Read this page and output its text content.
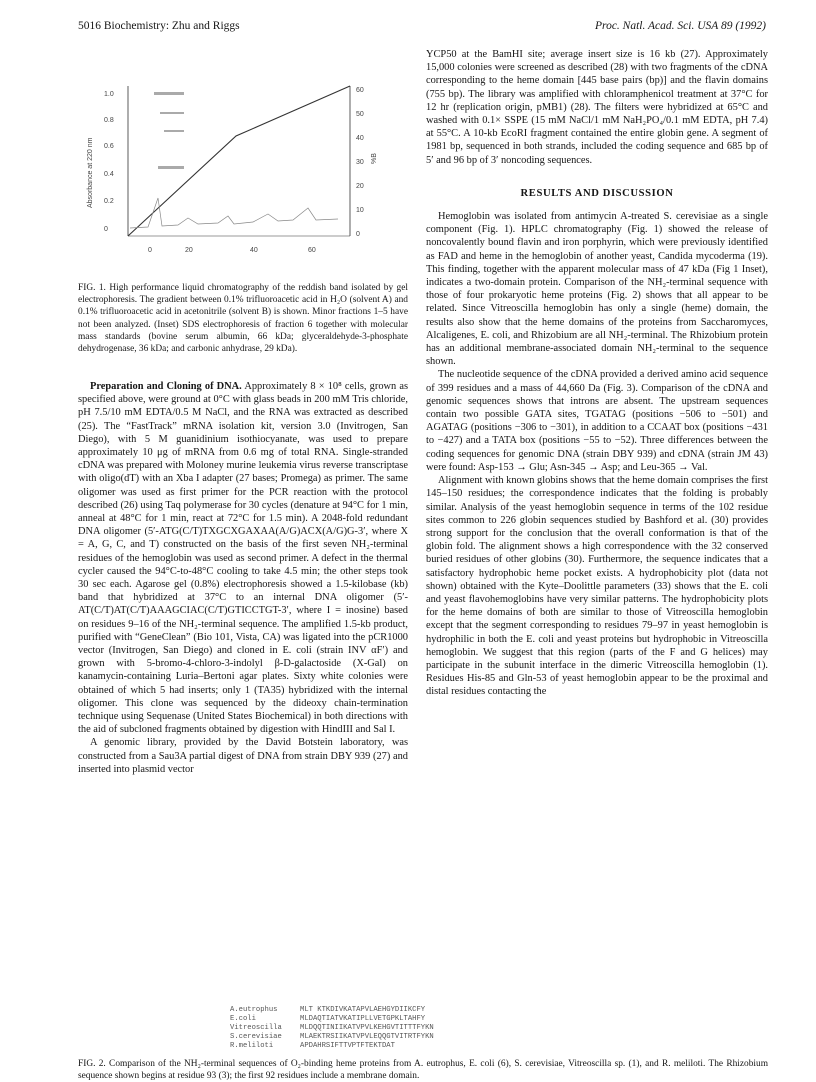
5016 Biochemistry: Zhu and Riggs	Proc. Natl. Acad. Sci. USA 89 (1992)
1.0
0.8
0.6
0.4
0.2
0
60
50
40
30
20
10
0
0	20	40	60
Absorbance at 220 nm	%B

FIG. 1. High performance liquid chromatography of the reddish band isolated by gel electrophoresis. The gradient between 0.1% trifluoroacetic acid in H₂O (solvent A) and 0.1% trifluoroacetic acid in acetonitrile (solvent B) is shown. Minor fractions 1–5 have not been analyzed. (Inset) SDS electrophoresis of fraction 6 together with molecular mass standards (bovine serum albumin, 66 kDa; glyceraldehyde-3-phosphate dehydrogenase, 36 kDa; and carbonic anhydrase, 29 kDa).

Preparation and Cloning of DNA. Approximately 8 × 10⁸ cells, grown as specified above, were ground at 0°C with glass beads in 200 mM Tris chloride, pH 7.5/10 mM EDTA/0.5 M NaCl, and the RNA was extracted as described (25). The “FastTrack” mRNA isolation kit, version 3.0 (Invitrogen, San Diego), with 5 M guanidinium isothiocyanate, was used to prepare approximately 10 μg of mRNA from 0.6 mg of total RNA. Single-stranded cDNA was prepared with Moloney murine leukemia virus reverse transcriptase with oligo(dT) with an Xba I adapter (27 bases; Promega) as primer. The same oligomer was used as first primer for the PCR reaction with the protocol described (26) using Taq polymerase for 30 cycles (denature at 94°C for 1 min, anneal at 48°C for 1 min, react at 72°C for 1.5 min). A 2048-fold redundant DNA oligomer (5′-ATG(C/T)TXGCXGAXAA(A/G)ACX(A/G)G-3′, where X = A, G, C, and T) constructed on the basis of the first seven NH₂-terminal residues of the hemoglobin was used as second primer. A defect in the thermal cycler caused the 94°C-to-48°C cooling to take 4.5 min; the other steps took 30 sec each. Agarose gel (0.8%) electrophoresis showed a 1.5-kilobase (kb) band that hybridized at 37°C to an internal DNA oligomer (5′-AT(C/T)AT(C/T)AAAGCIAC(C/T)GTICCTGT-3′, where I = inosine) based on residues 9–16 of the NH₂-terminal sequence. The amplified 1.5-kb product, purified with “GeneClean” (Bio 101, Vista, CA) was ligated into the pCR1000 vector (Invitrogen, San Diego) and cloned in E. coli (strain INV αF′) and grown with 5-bromo-4-chloro-3-indolyl β-D-galactoside (X-Gal) on kanamycin-containing Luria–Bertoni agar plates. Sixty white colonies were obtained of which 5 had inserts; only 1 (TA35) hybridized with the internal oligomer. This clone was sequenced by the dideoxy chain-termination technique using Sequenase (United States Biochemical) in both directions with the aid of subcloned fragments obtained by digestion with HindIII and Sal I.

A genomic library, provided by the David Botstein laboratory, was constructed from a Sau3A partial digest of DNA from strain DBY 939 (27) and inserted into plasmid vector

YCP50 at the BamHI site; average insert size is 16 kb (27). Approximately 15,000 colonies were screened as described (28) with two fragments of the cDNA corresponding to the heme domain [445 base pairs (bp)] and the flavin domains (755 bp). The library was amplified with chloramphenicol treatment at 37°C for 12 hr (replication origin, pMB1) (28). The filters were hybridized at 65°C and washed with 0.1× SSPE (15 mM NaCl/1 mM NaH₂PO₄/0.1 mM EDTA, pH 7.4) at 55°C. A 10-kb EcoRI fragment contained the entire globin gene. A segment of 1981 bp, sequenced in both strands, included the coding sequence and 685 bp of 5′ and 96 bp of 3′ noncoding sequences.

RESULTS AND DISCUSSION

Hemoglobin was isolated from antimycin A-treated S. cerevisiae as a single component (Fig. 1). HPLC chromatography (Fig. 1) showed the release of noncovalently bound flavin and iron porphyrin, which were previously identified as FAD and heme in the hemoglobin of another yeast, Candida mycoderma (19). This finding, together with the apparent molecular mass of 47 kDa (Fig 1 Inset), indicates a two-domain protein. Comparison of the NH₂-terminal sequence with those of four prokaryotic heme proteins (Fig. 2) shows that all appear to be related. Since Vitreoscilla hemoglobin has only a single (heme) domain, the results also show that the heme domains of the proteins from Saccharomyces, Alcaligenes, E. coli, and Rhizobium are all NH₂-terminal. The Rhizobium protein has an additional membrane-associated domain NH₂-terminal to the sequence shown.

The nucleotide sequence of the cDNA provided a derived amino acid sequence of 399 residues and a mass of 44,660 Da (Fig. 3). Comparison of the cDNA and genomic sequences shows that introns are absent. The upstream sequences contain two possible GATA sites, TGATAG (positions −506 to −501) and AGATAG (positions −306 to −301), in addition to a CCAAT box (positions −431 to −427) and a TATA box (positions −55 to −52). Three differences between the coding sequences for genomic DNA (strain DBY 939) and cDNA (strain JM 43) were found: Asp-153 → Glu; Asn-345 → Asp; and Leu-365 → Val.

Alignment with known globins shows that the heme domain comprises the first 145–150 residues; the correspondence indicates that the folding is probably similar. Analysis of the yeast hemoglobin sequence in terms of the 102 residue sites common to 226 globin sequences studied by Bashford et al. (30) provides strong support for the conclusion that the overall conformation is that of the globin fold. The alignment shows a high correspondence with the 32 conserved buried residues of other globins (30). Furthermore, the sequence indicates that a satisfactory hydrophobic heme pocket exists. A hydrophobicity plot (data not shown) obtained with the Kyte–Doolittle parameters (33) shows that the E. coli and yeast flavohemoglobins have very similar patterns. The hydrophobicity plots for the heme domains of both are similar to those of Vitreoscilla hemoglobin except that the segment corresponding to residues 79–97 in yeast hemoglobin is hydrophilic in both the E. coli and yeast proteins but hydrophobic in Vitreoscilla hemoglobin. We suggest that this region (parts of the F and G helices) may participate in the subunit interface in the dimeric Vitreoscilla hemoglobin (1). Residues His-85 and Gln-53 of yeast hemoglobin appear to be the proximal and distal residues contacting the

A.eutrophus	MLT KTKDIVKATAPVLAEHGYDIIKCFY
E.coli	MLDAQTIATVKATIPLLVETGPKLTAHFY
Vitreoscilla	MLDQQTINIIKATVPVLKEHGVTITTTFYKN
S.cerevisiae	MLAEKTRSIIKATVPVLEQQGTVITRTFYKN
R.meliloti	APDAHRSIFTTVPTFTEKTDAT

FIG. 2. Comparison of the NH₂-terminal sequences of O₂-binding heme proteins from A. eutrophus, E. coli (6), S. cerevisiae, Vitreoscilla sp. (1), and R. meliloti. The Rhizobium sequence shown begins at residue 93 (3); the first 92 residues include a membrane domain.
